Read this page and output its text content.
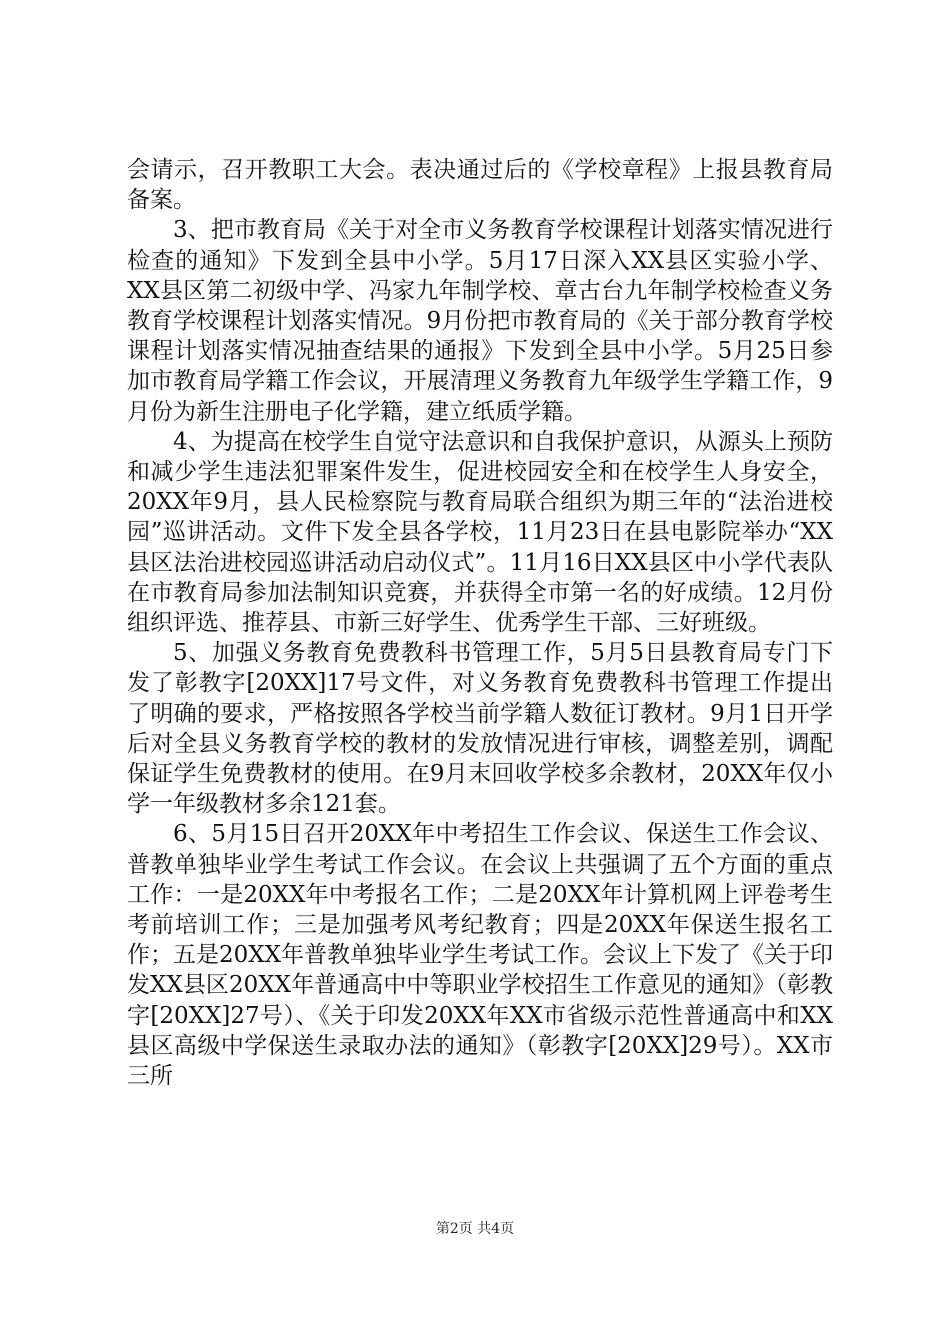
会请示，召开教职工大会。表决通过后的《学校章程》上报县教育局备案。

3、把市教育局《关于对全市义务教育学校课程计划落实情况进行检查的通知》下发到全县中小学。5月17日深入XX县区实验小学、XX县区第二初级中学、冯家九年制学校、章古台九年制学校检查义务教育学校课程计划落实情况。9月份把市教育局的《关于部分教育学校课程计划落实情况抽查结果的通报》下发到全县中小学。5月25日参加市教育局学籍工作会议，开展清理义务教育九年级学生学籍工作，9月份为新生注册电子化学籍，建立纸质学籍。

4、为提高在校学生自觉守法意识和自我保护意识，从源头上预防和减少学生违法犯罪案件发生，促进校园安全和在校学生人身安全，20XX年9月，县人民检察院与教育局联合组织为期三年的“法治进校园”巡讲活动。文件下发全县各学校，11月23日在县电影院举办“XX县区法治进校园巡讲活动启动仪式”。11月16日XX县区中小学代表队在市教育局参加法制知识竞赛，并获得全市第一名的好成绩。12月份组织评选、推荐县、市新三好学生、优秀学生干部、三好班级。

5、加强义务教育免费教科书管理工作，5月5日县教育局专门下发了彰教字[20XX]17号文件，对义务教育免费教科书管理工作提出了明确的要求，严格按照各学校当前学籍人数征订教材。9月1日开学后对全县义务教育学校的教材的发放情况进行审核，调整差别，调配保证学生免费教材的使用。在9月末回收学校多余教材，20XX年仅小学一年级教材多余121套。

6、5月15日召开20XX年中考招生工作会议、保送生工作会议、普教单独毕业学生考试工作会议。在会议上共强调了五个方面的重点工作：一是20XX年中考报名工作；二是20XX年计算机网上评卷考生考前培训工作；三是加强考风考纪教育；四是20XX年保送生报名工作；五是20XX年普教单独毕业学生考试工作。会议上下发了《关于印发XX县区20XX年普通高中中等职业学校招生工作意见的通知》（彰教字[20XX]27号）、《关于印发20XX年XX市省级示范性普通高中和XX县区高级中学保送生录取办法的通知》（彰教字[20XX]29号）。XX市三所

第2页 共4页
